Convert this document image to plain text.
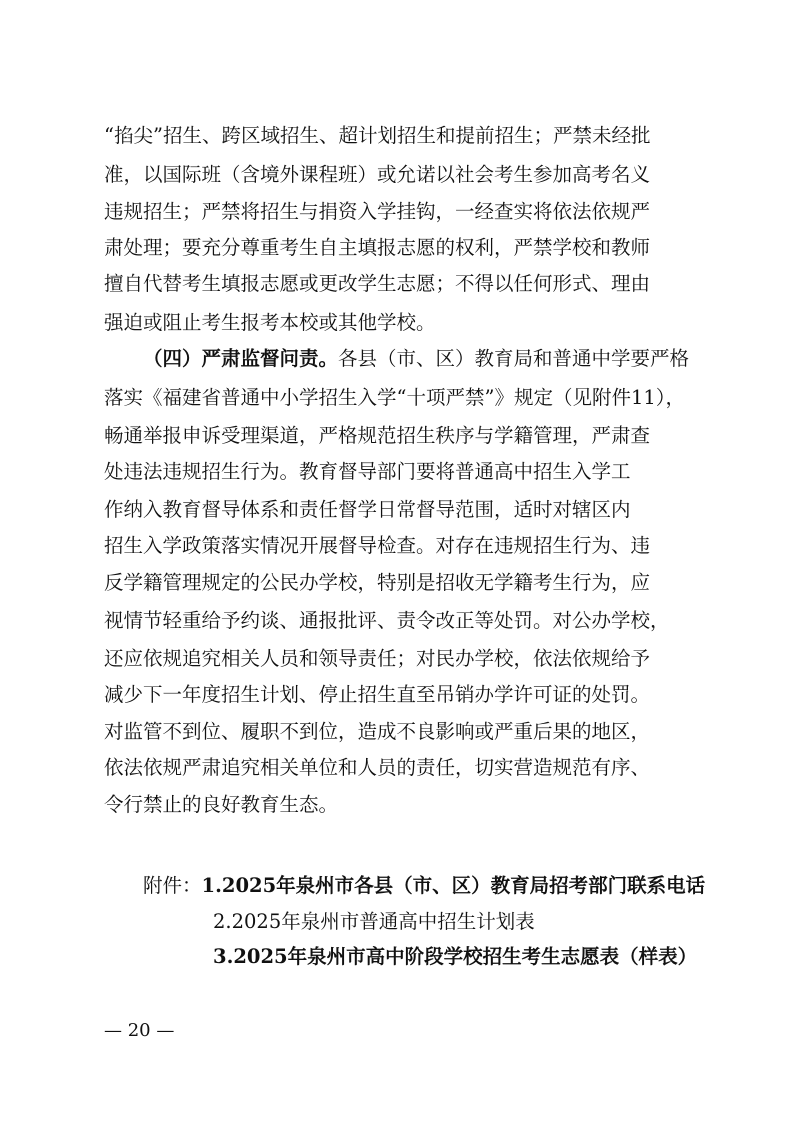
“掐尖”招生、跨区域招生、超计划招生和提前招生；严禁未经批
准，以国际班（含境外课程班）或允诺以社会考生参加高考名义
违规招生；严禁将招生与捐资入学挂钩，一经查实将依法依规严
肃处理；要充分尊重考生自主填报志愿的权利，严禁学校和教师
擅自代替考生填报志愿或更改学生志愿；不得以任何形式、理由
强迫或阻止考生报考本校或其他学校。
（四）严肃监督问责。各县（市、区）教育局和普通中学要严格
落实《福建省普通中小学招生入学“十项严禁”》规定（见附件11），
畅通举报申诉受理渠道，严格规范招生秩序与学籍管理，严肃查
处违法违规招生行为。教育督导部门要将普通高中招生入学工
作纳入教育督导体系和责任督学日常督导范围，适时对辖区内
招生入学政策落实情况开展督导检查。对存在违规招生行为、违
反学籍管理规定的公民办学校，特别是招收无学籍考生行为，应
视情节轻重给予约谈、通报批评、责令改正等处罚。对公办学校，
还应依规追究相关人员和领导责任；对民办学校，依法依规给予
减少下一年度招生计划、停止招生直至吊销办学许可证的处罚。
对监管不到位、履职不到位，造成不良影响或严重后果的地区，
依法依规严肃追究相关单位和人员的责任，切实营造规范有序、
令行禁止的良好教育生态。
附件：1.2025年泉州市各县（市、区）教育局招考部门联系电话
2.2025年泉州市普通高中招生计划表
3.2025年泉州市高中阶段学校招生考生志愿表（样表）
— 20 —
